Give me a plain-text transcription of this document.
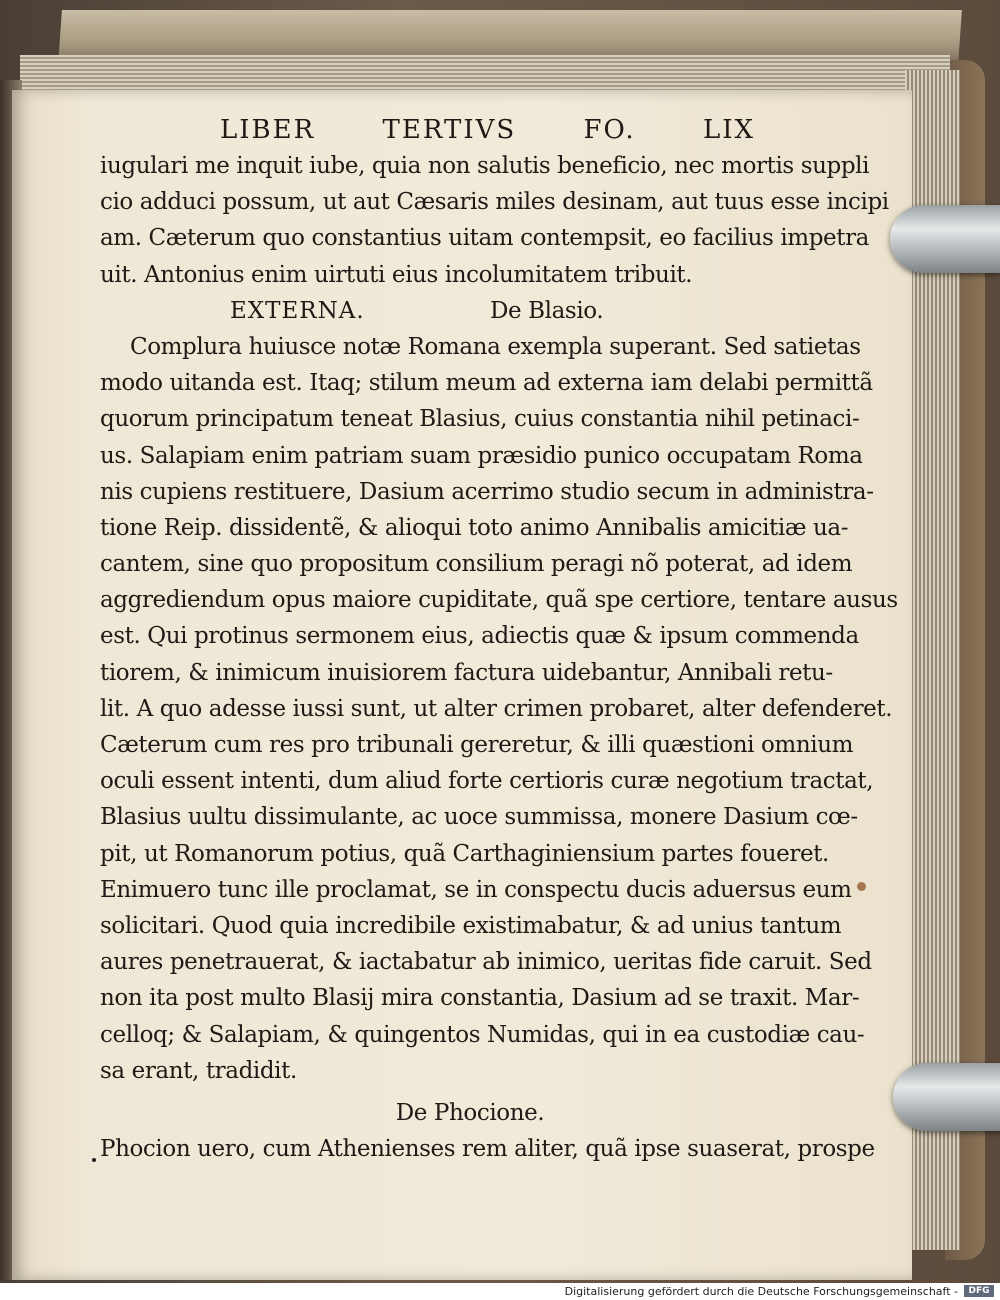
LIBER	TERTIVS	FO.	LIX
iugulari me inquit iube, quia non salutis beneficio, nec mortis suppli
cio adduci possum, ut aut Cæsaris miles desinam, aut tuus esse incipi
am. Cæterum quo constantius uitam contempsit, eo facilius impetra
uit. Antonius enim uirtuti eius incolumitatem tribuit.
EXTERNA.	De Blasio.
Complura huiusce notæ Romana exempla superant. Sed satietas
modo uitanda est. Itaq; stilum meum ad externa iam delabi permittã
quorum principatum teneat Blasius, cuius constantia nihil petinaci-
us. Salapiam enim patriam suam præsidio punico occupatam Roma
nis cupiens restituere, Dasium acerrimo studio secum in administra-
tione Reip. dissidentẽ, & alioqui toto animo Annibalis amicitiæ ua-
cantem, sine quo propositum consilium peragi nõ poterat, ad idem
aggrediendum opus maiore cupiditate, quã spe certiore, tentare ausus
est. Qui protinus sermonem eius, adiectis quæ & ipsum commenda
tiorem, & inimicum inuisiorem factura uidebantur, Annibali retu-
lit. A quo adesse iussi sunt, ut alter crimen probaret, alter defenderet.
Cæterum cum res pro tribunali gereretur, & illi quæstioni omnium
oculi essent intenti, dum aliud forte certioris curæ negotium tractat,
Blasius uultu dissimulante, ac uoce summissa, monere Dasium cœ-
pit, ut Romanorum potius, quã Carthaginiensium partes foueret.
Enimuero tunc ille proclamat, se in conspectu ducis aduersus eum
solicitari. Quod quia incredibile existimabatur, & ad unius tantum
aures penetrauerat, & iactabatur ab inimico, ueritas fide caruit. Sed
non ita post multo Blasij mira constantia, Dasium ad se traxit. Mar-
celloq; & Salapiam, & quingentos Numidas, qui in ea custodiæ cau-
sa erant, tradidit.
De Phocione.
Phocion uero, cum Athenienses rem aliter, quã ipse suaserat, prospe
Digitalisierung gefördert durch die Deutsche Forschungsgemeinschaft -	DFG
